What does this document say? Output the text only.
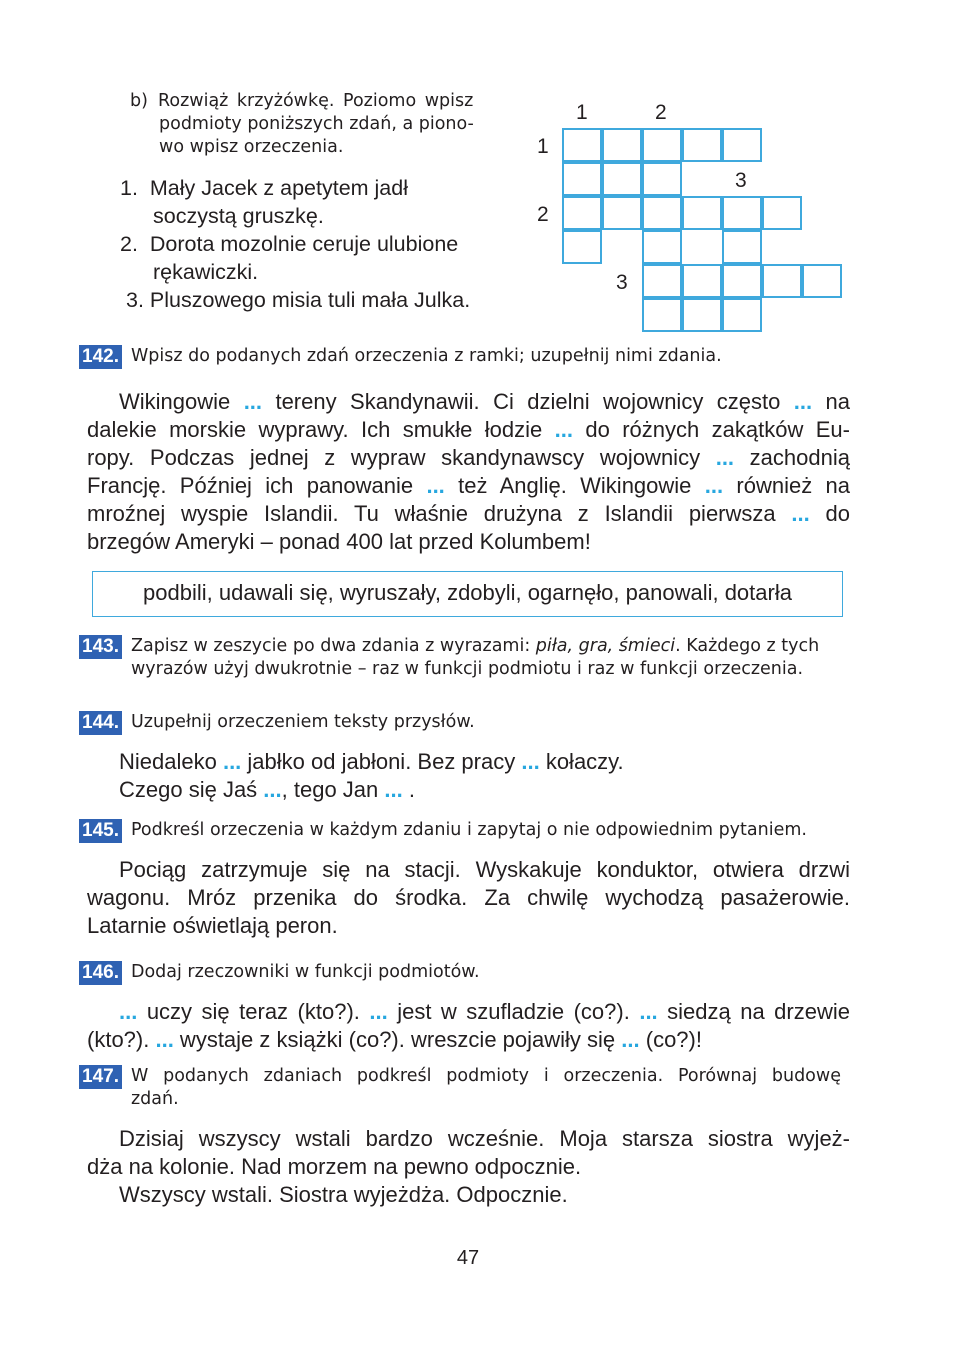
b) Rozwiąż krzyżówkę. Poziomo wpisz
podmioty poniższych zdań, a piono-
wo wpisz orzeczenia.
1. Mały Jacek z apetytem jadł
soczystą gruszkę.
2. Dorota mozolnie ceruje ulubione
rękawiczki.
3. Pluszowego misia tuli mała Julka.
1	2
3
1
2
3
142. Wpisz do podanych zdań orzeczenia z ramki; uzupełnij nimi zdania.
Wikingowie ... tereny Skandynawii. Ci dzielni wojownicy często ... na
dalekie morskie wyprawy. Ich smukłe łodzie ... do różnych zakątków Eu-
ropy. Podczas jednej z wypraw skandynawscy wojownicy ... zachodnią
Francję. Później ich panowanie ... też Anglię. Wikingowie ... również na
mroźnej wyspie Islandii. Tu właśnie drużyna z Islandii pierwsza ... do
brzegów Ameryki – ponad 400 lat przed Kolumbem!
podbili, udawali się, wyruszały, zdobyli, ogarnęło, panowali, dotarła
143. Zapisz w zeszycie po dwa zdania z wyrazami: piła, gra, śmieci. Każdego z tych
wyrazów użyj dwukrotnie – raz w funkcji podmiotu i raz w funkcji orzeczenia.
144. Uzupełnij orzeczeniem teksty przysłów.
Niedaleko ... jabłko od jabłoni. Bez pracy ... kołaczy.
Czego się Jaś ..., tego Jan ... .
145. Podkreśl orzeczenia w każdym zdaniu i zapytaj o nie odpowiednim pytaniem.
Pociąg zatrzymuje się na stacji. Wyskakuje konduktor, otwiera drzwi
wagonu. Mróz przenika do środka. Za chwilę wychodzą pasażerowie.
Latarnie oświetlają peron.
146. Dodaj rzeczowniki w funkcji podmiotów.
... uczy się teraz (kto?). ... jest w szufladzie (co?). ... siedzą na drzewie
(kto?). ... wystaje z książki (co?). wreszcie pojawiły się ... (co?)!
147. W podanych zdaniach podkreśl podmioty i orzeczenia. Porównaj budowę
zdań.
Dzisiaj wszyscy wstali bardzo wcześnie. Moja starsza siostra wyjeż-
dża na kolonie. Nad morzem na pewno odpocznie.
Wszyscy wstali. Siostra wyjeżdża. Odpocznie.
47
